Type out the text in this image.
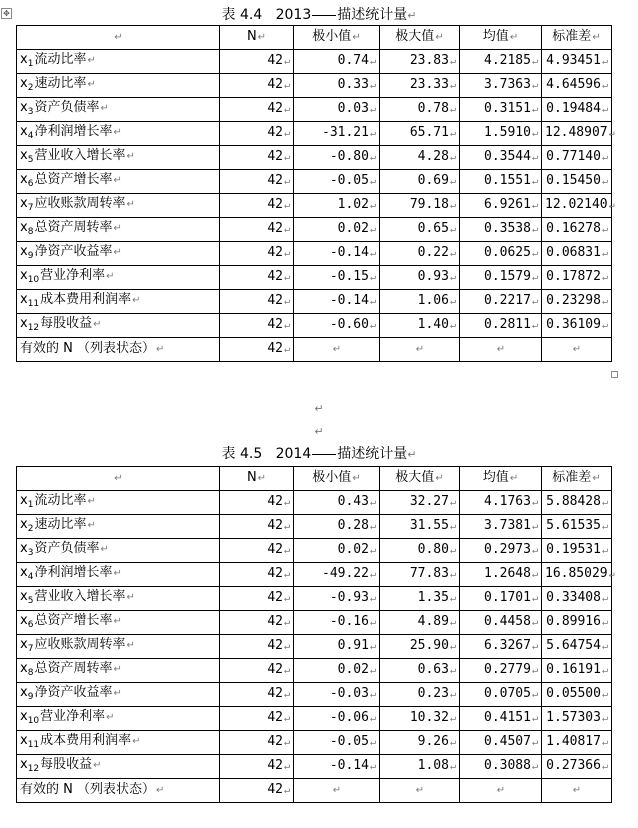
✥	表 4.4 2013 描述统计量↵
↵	N↵	极小值↵	极大值↵	均值↵	标准差↵
$x_1$流动比率↵	42↵	0.74↵	23.83↵	4.2185↵	4.93451↵
$x_2$速动比率↵	42↵	0.33↵	23.33↵	3.7363↵	4.64596↵
$x_3$资产负债率↵	42↵	0.03↵	0.78↵	0.3151↵	0.19484↵
$x_4$净利润增长率↵	42↵	-31.21↵	65.71↵	1.5910↵	12.48907↵
$x_5$营业收入增长率↵	42↵	-0.80↵	4.28↵	0.3544↵	0.77140↵
$x_6$总资产增长率↵	42↵	-0.05↵	0.69↵	0.1551↵	0.15450↵
$x_7$应收账款周转率↵	42↵	1.02↵	79.18↵	6.9261↵	12.02140↵
$x_8$总资产周转率↵	42↵	0.02↵	0.65↵	0.3538↵	0.16278↵
$x_9$净资产收益率↵	42↵	-0.14↵	0.22↵	0.0625↵	0.06831↵
$x_{10}$营业净利率↵	42↵	-0.15↵	0.93↵	0.1579↵	0.17872↵
$x_{11}$成本费用利润率↵	42↵	-0.14↵	1.06↵	0.2217↵	0.23298↵
$x_{12}$每股收益↵	42↵	-0.60↵	1.40↵	0.2811↵	0.36109↵
有效的 N （列表状态）↵	42↵	↵	↵	↵	↵
↵
↵
表 4.5 2014 描述统计量↵
↵	N↵	极小值↵	极大值↵	均值↵	标准差↵
$x_1$流动比率↵	42↵	0.43↵	32.27↵	4.1763↵	5.88428↵
$x_2$速动比率↵	42↵	0.28↵	31.55↵	3.7381↵	5.61535↵
$x_3$资产负债率↵	42↵	0.02↵	0.80↵	0.2973↵	0.19531↵
$x_4$净利润增长率↵	42↵	-49.22↵	77.83↵	1.2648↵	16.85029↵
$x_5$营业收入增长率↵	42↵	-0.93↵	1.35↵	0.1701↵	0.33408↵
$x_6$总资产增长率↵	42↵	-0.16↵	4.89↵	0.4458↵	0.89916↵
$x_7$应收账款周转率↵	42↵	0.91↵	25.90↵	6.3267↵	5.64754↵
$x_8$总资产周转率↵	42↵	0.02↵	0.63↵	0.2779↵	0.16191↵
$x_9$净资产收益率↵	42↵	-0.03↵	0.23↵	0.0705↵	0.05500↵
$x_{10}$营业净利率↵	42↵	-0.06↵	10.32↵	0.4151↵	1.57303↵
$x_{11}$成本费用利润率↵	42↵	-0.05↵	9.26↵	0.4507↵	1.40817↵
$x_{12}$每股收益↵	42↵	-0.14↵	1.08↵	0.3088↵	0.27366↵
有效的 N （列表状态）↵	42↵	↵	↵	↵	↵
